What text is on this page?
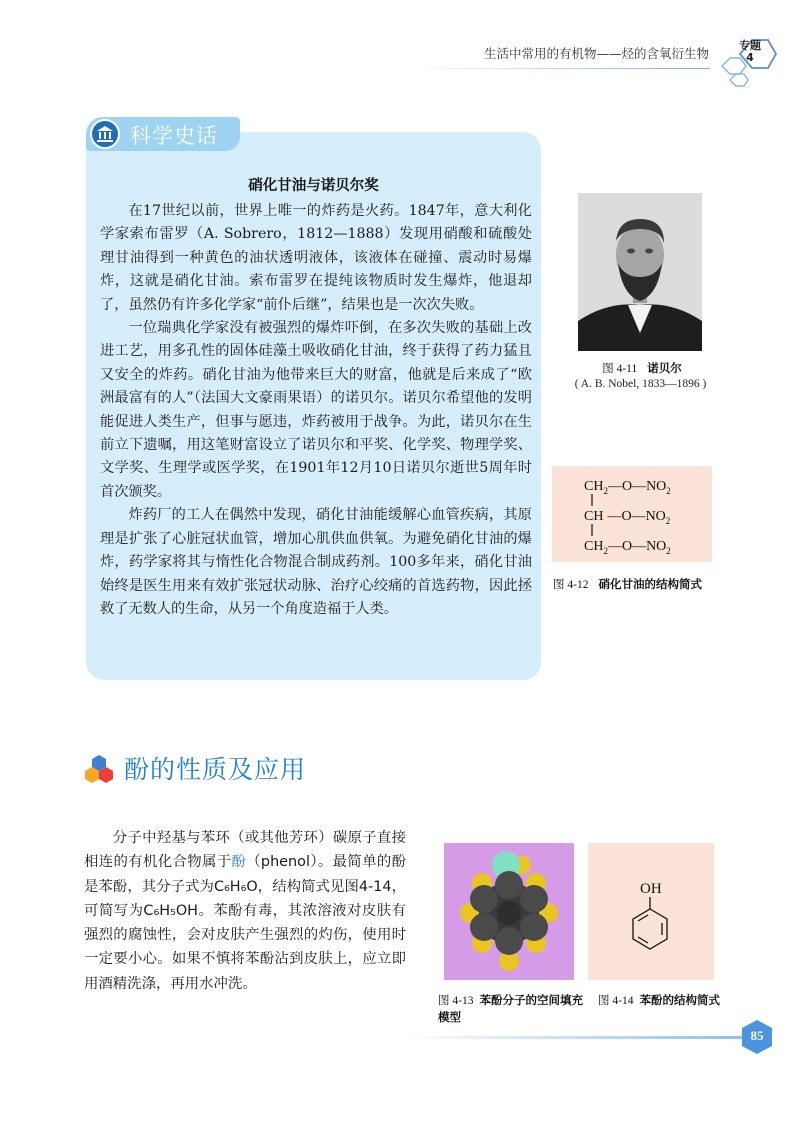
生活中常用的有机物——烃的含氧衍生物
专题
4
科学史话
硝化甘油与诺贝尔奖

在17世纪以前，世界上唯一的炸药是火药。1847年，意大利化学家索布雷罗（A. Sobrero，1812—1888）发现用硝酸和硫酸处理甘油得到一种黄色的油状透明液体，该液体在碰撞、震动时易爆炸，这就是硝化甘油。索布雷罗在提纯该物质时发生爆炸，他退却了，虽然仍有许多化学家“前仆后继”，结果也是一次次失败。

一位瑞典化学家没有被强烈的爆炸吓倒，在多次失败的基础上改进工艺，用多孔性的固体硅藻土吸收硝化甘油，终于获得了药力猛且又安全的炸药。硝化甘油为他带来巨大的财富，他就是后来成了“欧洲最富有的人”（法国大文豪雨果语）的诺贝尔。诺贝尔希望他的发明能促进人类生产，但事与愿违，炸药被用于战争。为此，诺贝尔在生前立下遗嘱，用这笔财富设立了诺贝尔和平奖、化学奖、物理学奖、文学奖、生理学或医学奖，在1901年12月10日诺贝尔逝世5周年时首次颁奖。

炸药厂的工人在偶然中发现，硝化甘油能缓解心血管疾病，其原理是扩张了心脏冠状血管，增加心肌供血供氧。为避免硝化甘油的爆炸，药学家将其与惰性化合物混合制成药剂。100多年来，硝化甘油始终是医生用来有效扩张冠状动脉、治疗心绞痛的首选药物，因此拯救了无数人的生命，从另一个角度造福于人类。

图 4-11 诺贝尔
( A. B. Nobel, 1833—1896 )
$CH_2—O—NO_2$
CH $—O—NO_2$
$CH_2—O—NO_2$
图 4-12 硝化甘油的结构简式
酚的性质及应用

分子中羟基与苯环（或其他芳环）碳原子直接相连的有机化合物属于酚（phenol）。最简单的酚是苯酚，其分子式为C₆H₆O，结构简式见图4-14，可简写为C₆H₅OH。苯酚有毒，其浓溶液对皮肤有强烈的腐蚀性，会对皮肤产生强烈的灼伤，使用时一定要小心。如果不慎将苯酚沾到皮肤上，应立即用酒精洗涤，再用水冲洗。

OH
图 4-13 苯酚分子的空间填充模型
图 4-14 苯酚的结构简式
85
